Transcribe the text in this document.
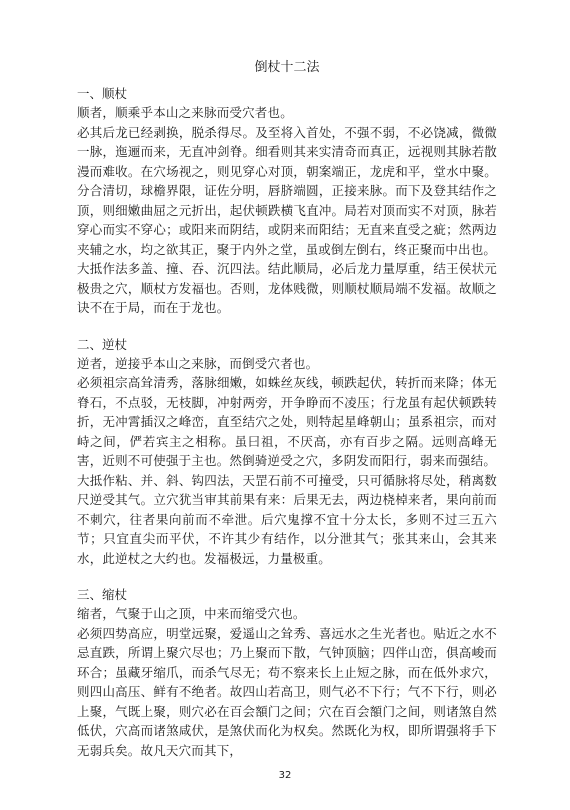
倒杖十二法
一、顺杖

顺者，顺乘乎本山之来脉而受穴者也。

必其后龙已经剥换，脱杀得尽。及至将入首处，不强不弱，不必饶减，微微一脉，迤逦而来，无直冲剑脊。细看则其来实清奇而真正，远视则其脉若散漫而难收。在穴场视之，则见穿心对顶，朝案端正，龙虎和平，堂水中聚。分合清切，球檐界限，证佐分明，唇脐端圆，正接来脉。而下及登其结作之顶，则细嫩曲屈之元折出，起伏顿跌横飞直冲。局若对顶而实不对顶，脉若穿心而实不穿心；或阳来而阴结，或阴来而阳结；无直来直受之疵；然两边夹辅之水，均之欲其正，聚于内外之堂，虽或倒左倒右，终正聚而中出也。

大抵作法多盖、撞、吞、沉四法。结此顺局，必后龙力量厚重，结王侯状元极贵之穴，顺杖方发福也。否则，龙体贱微，则顺杖顺局端不发福。故顺之诀不在于局，而在于龙也。

二、逆杖

逆者，逆接乎本山之来脉，而倒受穴者也。

必须祖宗高耸清秀，落脉细嫩，如蛛丝灰线，顿跌起伏，转折而来降；体无脊石，不点驳，无枝脚，冲射两旁，开争睁而不凌压；行龙虽有起伏顿跌转折，无冲霄插汉之峰峦，直至结穴之处，则特起星峰朝山；虽系祖宗，而对峙之间，俨若宾主之相称。虽曰祖，不厌高，亦有百步之隔。远则高峰无害，近则不可使强于主也。然倒骑逆受之穴，多阴发而阳行，弱来而强结。

大抵作粘、并、斜、钩四法，天罡石前不可撞受，只可循脉将尽处，稍离数尺逆受其气。立穴犹当审其前果有来：后果无去，两边桡棹来者，果向前而不刺穴，往者果向前而不牵泄。后穴鬼撑不宜十分太长，多则不过三五六节；只宜直尖而平伏，不许其少有结作，以分泄其气；张其来山，会其来水，此逆杖之大约也。发福极远，力量极重。

三、缩杖

缩者，气聚于山之顶，中来而缩受穴也。

必须四势高应，明堂远聚，爱遥山之耸秀、喜远水之生光者也。贴近之水不忌直跌，所谓上聚穴尽也；乃上聚而下散，气钟顶脑；四伴山峦，俱高峻而环合；虽藏牙缩爪，而杀气尽无；苟不察来长上止短之脉，而在低外求穴，则四山高压、鲜有不绝者。故四山若高卫，则气必不下行；气不下行，则必上聚，气既上聚，则穴必在百会額门之间；穴在百会額门之间，则诸煞自然低伏，穴高而诸煞咸伏，是煞伏而化为权矣。然既化为权，即所谓强将手下无弱兵矣。故凡天穴而其下，

32
